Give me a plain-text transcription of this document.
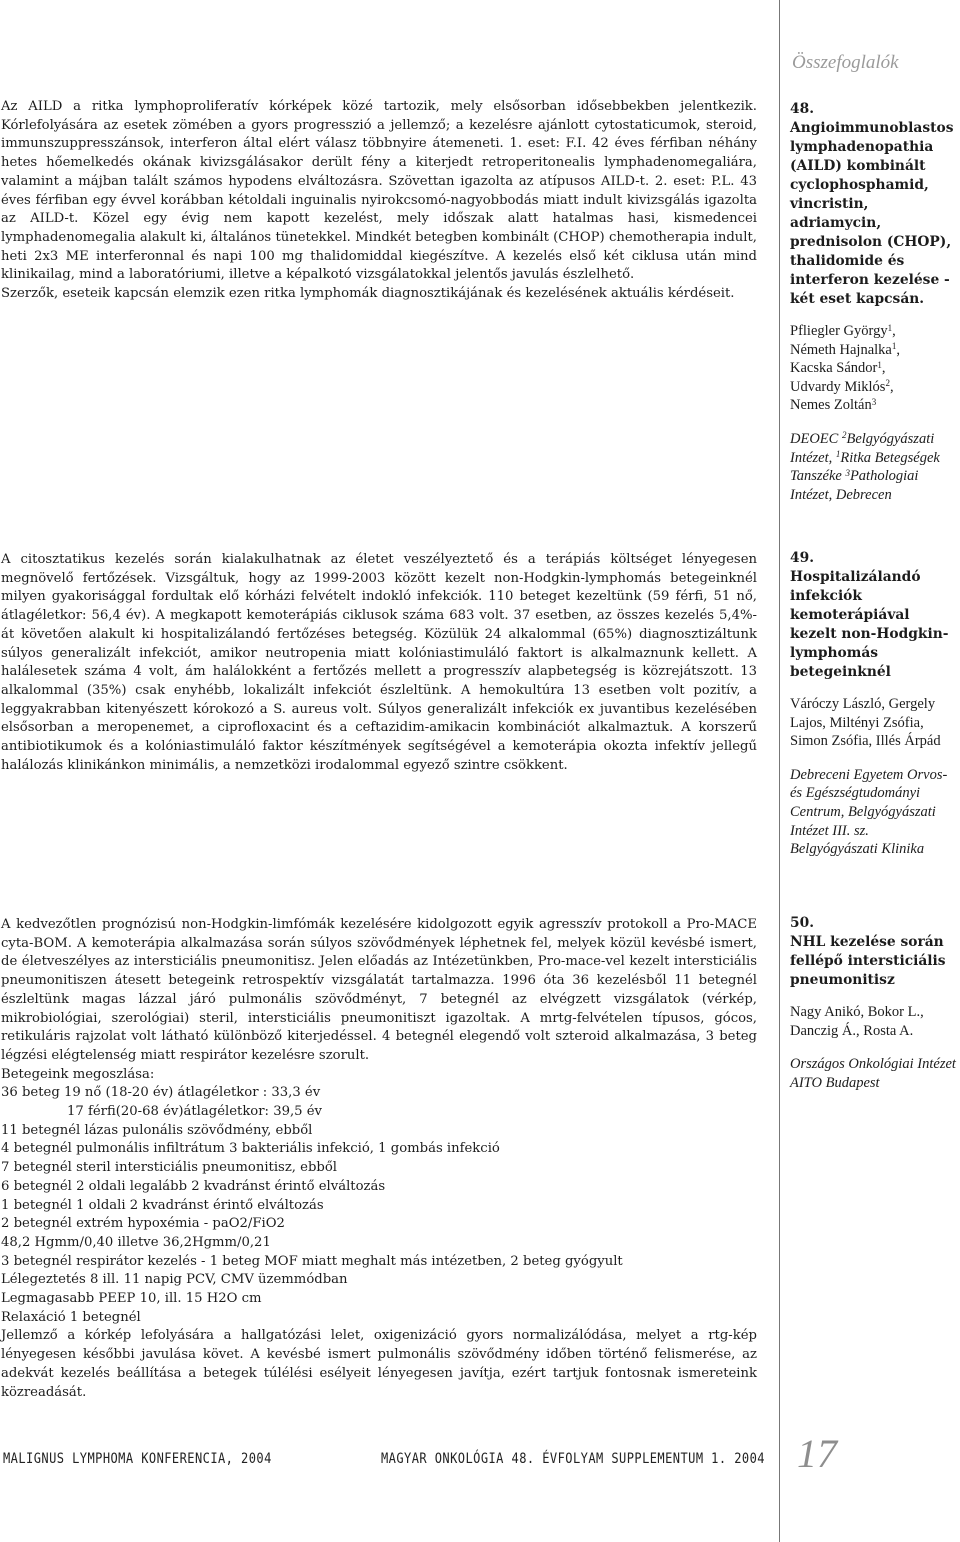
Összefoglalók

Az AILD a ritka lymphoproliferatív kórképek közé tartozik, mely elsősorban idősebbekben jelentkezik. Kórlefolyására az esetek zömében a gyors progresszió a jellemző; a kezelésre ajánlott cytostaticumok, steroid, immunszuppresszánsok, interferon által elért válasz többnyire átemeneti. 1. eset: F.I. 42 éves férfiban néhány hetes hőemelkedés okának kivizsgálásakor derült fény a kiterjedt retroperitonealis lymphadenomegaliára, valamint a májban talált számos hypodens elváltozásra. Szövettan igazolta az atípusos AILD-t. 2. eset: P.L. 43 éves férfiban egy évvel korábban kétoldali inguinalis nyirokcsomó-nagyobbodás miatt indult kivizsgálás igazolta az AILD-t. Közel egy évig nem kapott kezelést, mely időszak alatt hatalmas hasi, kismedencei lymphadenomegalia alakult ki, általános tünetekkel. Mindkét betegben kombinált (CHOP) chemotherapia indult, heti 2x3 ME interferonnal és napi 100 mg thalidomiddal kiegészítve. A kezelés első két ciklusa után mind klinikailag, mind a laboratóriumi, illetve a képalkotó vizsgálatokkal jelentős javulás észlelhető.

Szerzők, eseteik kapcsán elemzik ezen ritka lymphomák diagnosztikájának és kezelésének aktuális kérdéseit.

48.
Angioimmunoblastos lymphadenopathia (AILD) kombinált cyclophosphamid, vincristin, adriamycin, prednisolon (CHOP), thalidomide és interferon kezelése - két eset kapcsán.
Pfliegler György$^1$,
Németh Hajnalka$^1$,
Kacska Sándor$^1$,
Udvardy Miklós$^2$,
Nemes Zoltán$^3$
DEOEC $^2$Belgyógyászati Intézet, $^1$Ritka Betegségek Tanszéke $^3$Pathologiai Intézet, Debrecen

A citosztatikus kezelés során kialakulhatnak az életet veszélyeztető és a terápiás költséget lényegesen megnövelő fertőzések. Vizsgáltuk, hogy az 1999-2003 között kezelt non-Hodgkin-lymphomás betegeinknél milyen gyakorisággal fordultak elő kórházi felvételt indokló infekciók. 110 beteget kezeltünk (59 férfi, 51 nő, átlagéletkor: 56,4 év). A megkapott kemoterápiás ciklusok száma 683 volt. 37 esetben, az összes kezelés 5,4%-át követően alakult ki hospitalizálandó fertőzéses betegség. Közülük 24 alkalommal (65%) diagnosztizáltunk súlyos generalizált infekciót, amikor neutropenia miatt kolóniastimuláló faktort is alkalmaznunk kellett. A halálesetek száma 4 volt, ám halálokként a fertőzés mellett a progresszív alapbetegség is közrejátszott. 13 alkalommal (35%) csak enyhébb, lokalizált infekciót észleltünk. A hemokultúra 13 esetben volt pozitív, a leggyakrabban kitenyészett kórokozó a S. aureus volt. Súlyos generalizált infekciók ex juvantibus kezelésében elsősorban a meropenemet, a ciprofloxacint és a ceftazidim-amikacin kombinációt alkalmaztuk. A korszerű antibiotikumok és a kolóniastimuláló faktor készítmények segítségével a kemoterápia okozta infektív jellegű halálozás klinikánkon minimális, a nemzetközi irodalommal egyező szintre csökkent.

49.
Hospitalizálandó infekciók kemoterápiával kezelt non-Hodgkin-lymphomás betegeinknél
Váróczy László, Gergely Lajos, Miltényi Zsófia, Simon Zsófia, Illés Árpád
Debreceni Egyetem Orvos- és Egészségtudományi Centrum, Belgyógyászati Intézet III. sz. Belgyógyászati Klinika

A kedvezőtlen prognózisú non-Hodgkin-limfómák kezelésére kidolgozott egyik agresszív protokoll a Pro-MACE cyta-BOM. A kemoterápia alkalmazása során súlyos szövődmények léphetnek fel, melyek közül kevésbé ismert, de életveszélyes az intersticiális pneumonitisz. Jelen előadás az Intézetünkben, Pro-mace-vel kezelt intersticiális pneumonitiszen átesett betegeink retrospektív vizsgálatát tartalmazza. 1996 óta 36 kezelésből 11 betegnél észleltünk magas lázzal járó pulmonális szövődményt, 7 betegnél az elvégzett vizsgálatok (vérkép, mikrobiológiai, szerológiai) steril, intersticiális pneumonitiszt igazoltak. A mrtg-felvételen típusos, gócos, retikuláris rajzolat volt látható különböző kiterjedéssel. 4 betegnél elegendő volt szteroid alkalmazása, 3 beteg légzési elégtelenség miatt respirátor kezelésre szorult.

Betegeink megoszlása:
36 beteg 19 nő (18-20 év) átlagéletkor : 33,3 év
17 férfi(20-68 év)átlagéletkor: 39,5 év
11 betegnél lázas pulonális szövődmény, ebből
4 betegnél pulmonális infiltrátum 3 bakteriális infekció, 1 gombás infekció
7 betegnél steril intersticiális pneumonitisz, ebből
6 betegnél 2 oldali legalább 2 kvadránst érintő elváltozás
1 betegnél 1 oldali 2 kvadránst érintő elváltozás
2 betegnél extrém hypoxémia - paO2/FiO2
48,2 Hgmm/0,40 illetve 36,2Hgmm/0,21
3 betegnél respirátor kezelés - 1 beteg MOF miatt meghalt más intézetben, 2 beteg gyógyult
Lélegeztetés 8 ill. 11 napig PCV, CMV üzemmódban
Legmagasabb PEEP 10, ill. 15 H2O cm
Relaxáció 1 betegnél

Jellemző a kórkép lefolyására a hallgatózási lelet, oxigenizáció gyors normalizálódása, melyet a rtg-kép lényegesen későbbi javulása követ. A kevésbé ismert pulmonális szövődmény időben történő felismerése, az adekvát kezelés beállítása a betegek túlélési esélyeit lényegesen javítja, ezért tartjuk fontosnak ismereteink közreadását.

50.
NHL kezelése során fellépő intersticiális pneumonitisz
Nagy Anikó, Bokor L., Danczig Á., Rosta A.
Országos Onkológiai Intézet AITO Budapest
MALIGNUS LYMPHOMA KONFERENCIA, 2004	MAGYAR ONKOLÓGIA 48. ÉVFOLYAM SUPPLEMENTUM 1. 2004 17
